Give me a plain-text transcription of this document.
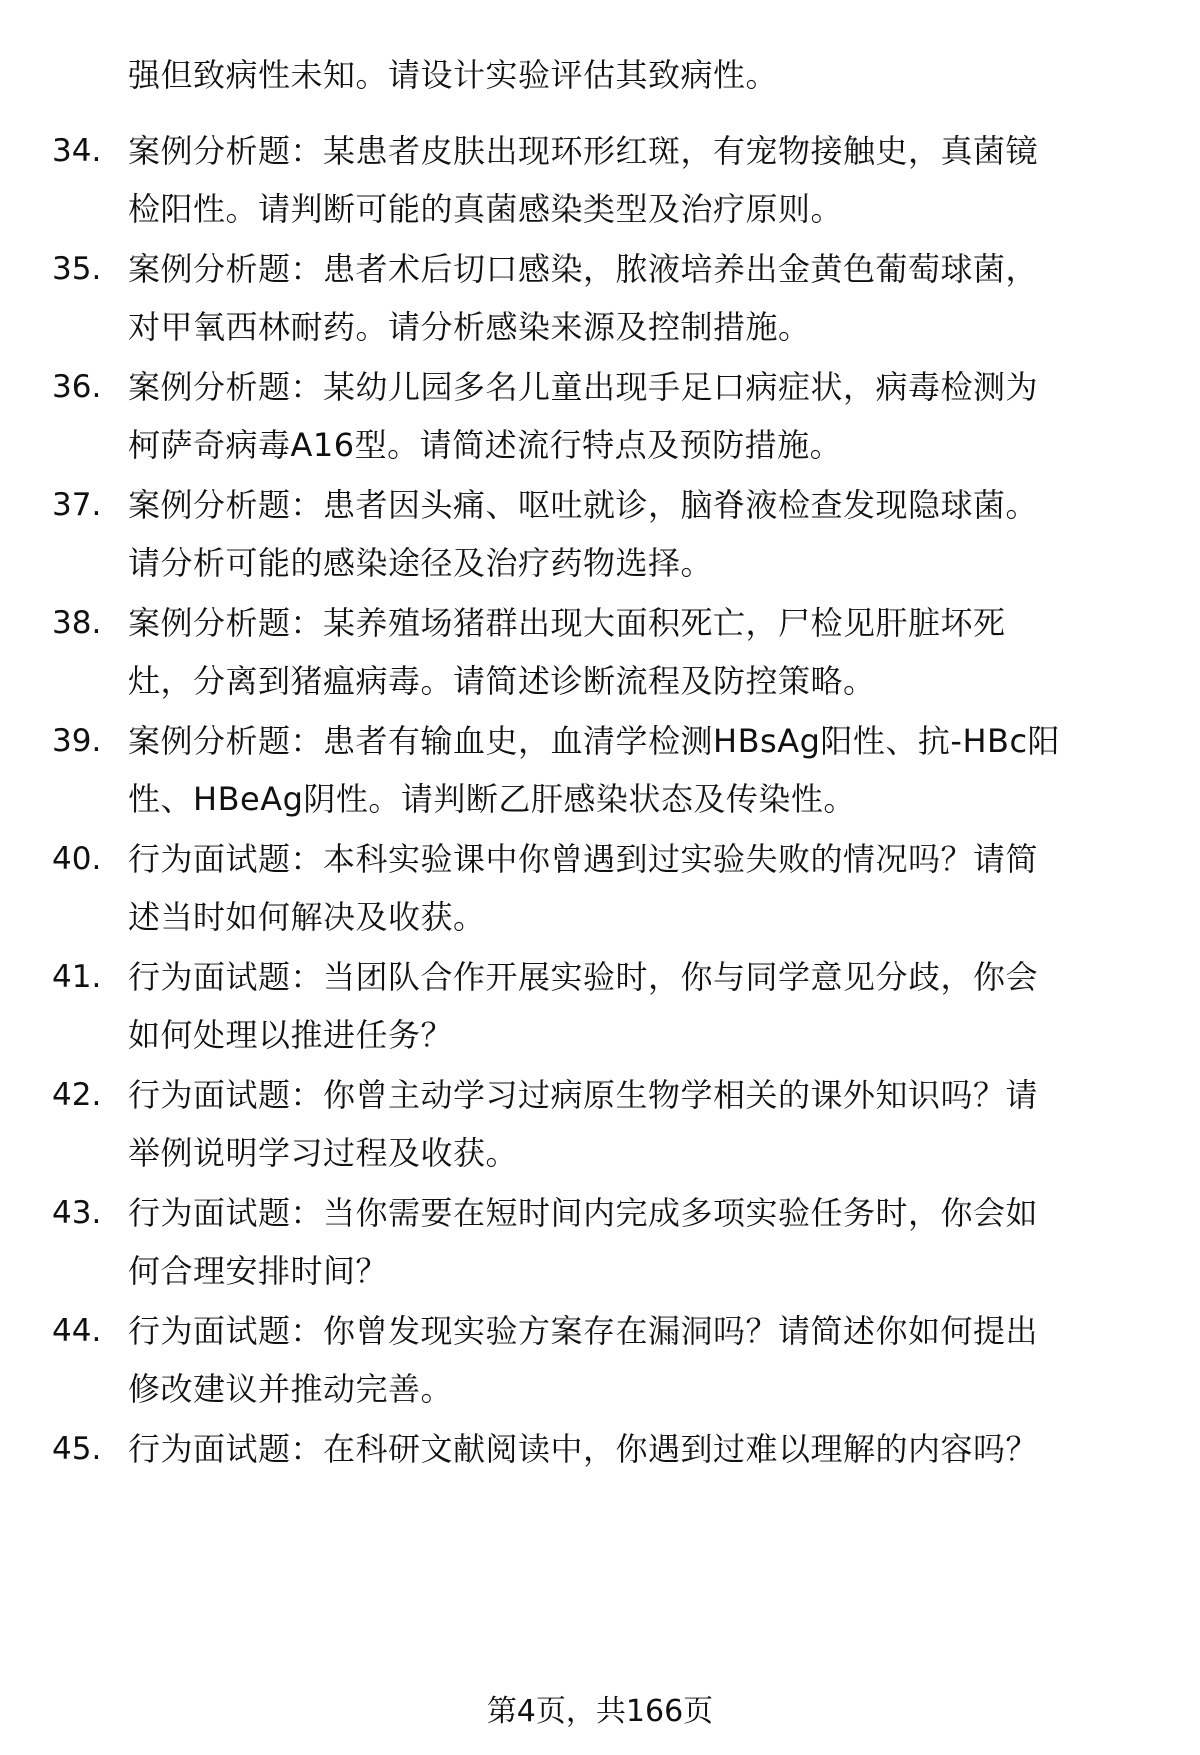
强但致病性未知。请设计实验评估其致病性。
34. 案例分析题：某患者皮肤出现环形红斑，有宠物接触史，真菌镜
检阳性。请判断可能的真菌感染类型及治疗原则。
35. 案例分析题：患者术后切口感染，脓液培养出金黄色葡萄球菌，
对甲氧西林耐药。请分析感染来源及控制措施。
36. 案例分析题：某幼儿园多名儿童出现手足口病症状，病毒检测为
柯萨奇病毒A16型。请简述流行特点及预防措施。
37. 案例分析题：患者因头痛、呕吐就诊，脑脊液检查发现隐球菌。
请分析可能的感染途径及治疗药物选择。
38. 案例分析题：某养殖场猪群出现大面积死亡，尸检见肝脏坏死
灶，分离到猪瘟病毒。请简述诊断流程及防控策略。
39. 案例分析题：患者有输血史，血清学检测HBsAg阳性、抗-HBc阳
性、HBeAg阴性。请判断乙肝感染状态及传染性。
40. 行为面试题：本科实验课中你曾遇到过实验失败的情况吗？请简
述当时如何解决及收获。
41. 行为面试题：当团队合作开展实验时，你与同学意见分歧，你会
如何处理以推进任务？
42. 行为面试题：你曾主动学习过病原生物学相关的课外知识吗？请
举例说明学习过程及收获。
43. 行为面试题：当你需要在短时间内完成多项实验任务时，你会如
何合理安排时间？
44. 行为面试题：你曾发现实验方案存在漏洞吗？请简述你如何提出
修改建议并推动完善。
45. 行为面试题：在科研文献阅读中，你遇到过难以理解的内容吗？
第4页，共166页
